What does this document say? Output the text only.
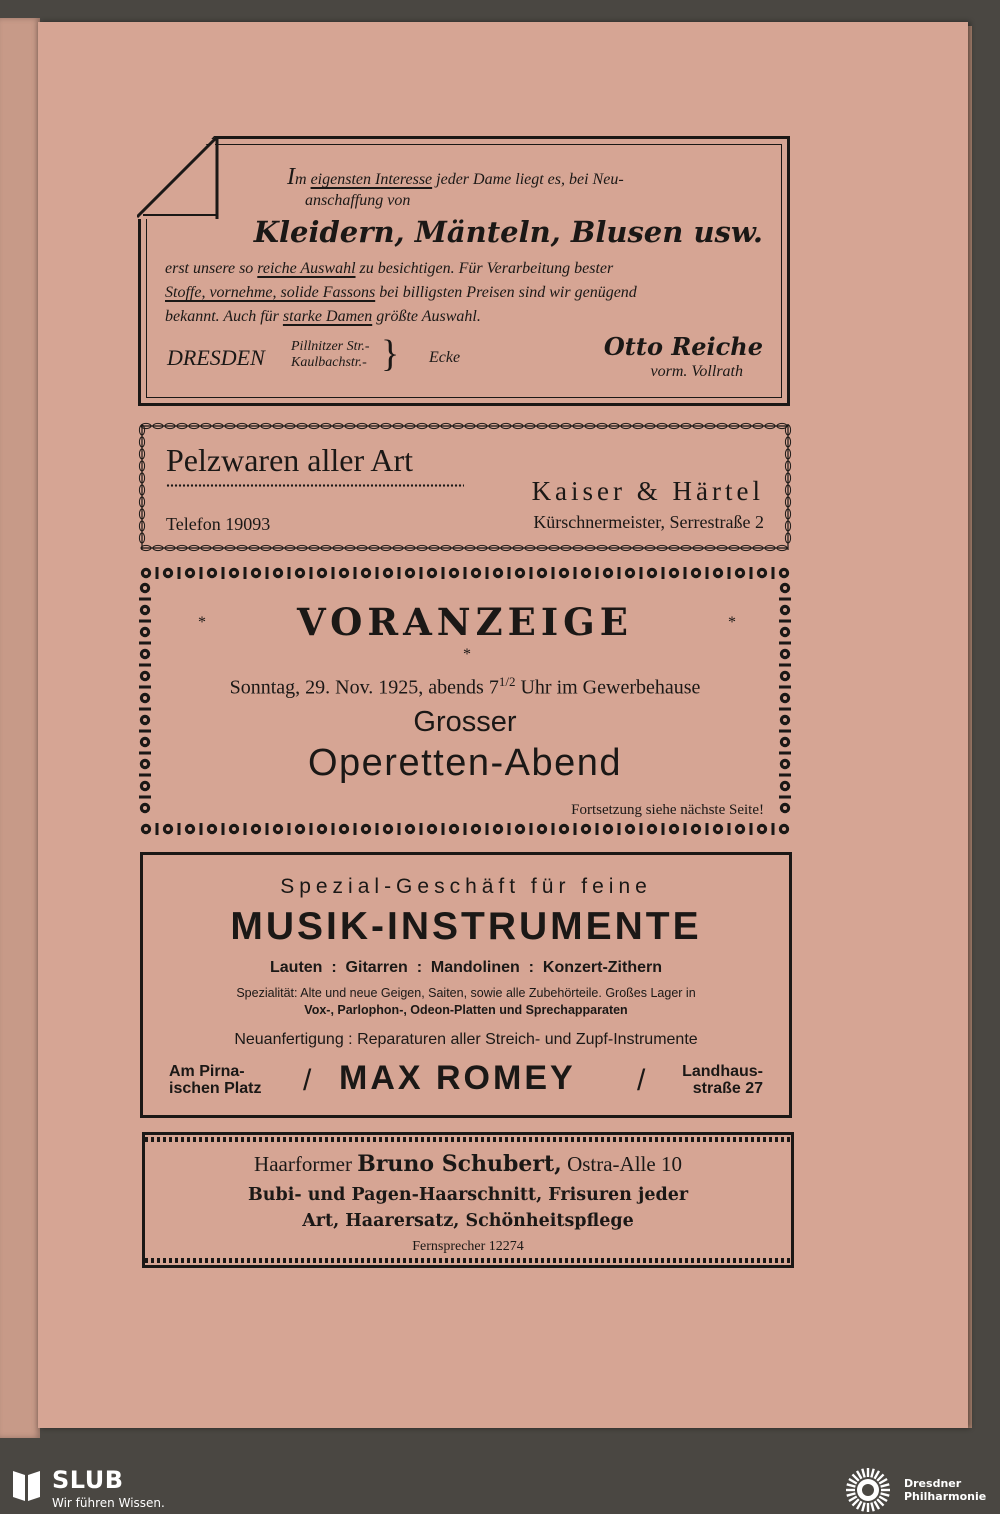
Im eigensten Interesse jeder Dame liegt es, bei Neu-
anschaffung von
Kleidern, Mänteln, Blusen usw.
erst unsere so reiche Auswahl zu besichtigen. Für Verarbeitung bester
Stoffe, vornehme, solide Fassons bei billigsten Preisen sind wir genügend
bekannt. Auch für starke Damen größte Auswahl.
DRESDEN Pillnitzer Str.-
Kaulbachstr.- } Ecke	Otto Reiche
vorm. Vollrath
Pelzwaren aller Art
Telefon 19093
Kaiser & Härtel
Kürschnermeister, Serrestraße 2
*	*
*
VORANZEIGE
Sonntag, 29. Nov. 1925, abends $7^{1/2}$ Uhr im Gewerbehause
Grosser
Operetten-Abend
Fortsetzung siehe nächste Seite!
Spezial-Geschäft für feine
MUSIK-INSTRUMENTE
Lauten  :  Gitarren  :  Mandolinen  :  Konzert-Zithern
Spezialität: Alte und neue Geigen, Saiten, sowie alle Zubehörteile. Großes Lager in
Vox-, Parlophon-, Odeon-Platten und Sprechapparaten
Neuanfertigung : Reparaturen aller Streich- und Zupf-Instrumente
Am Pirna-
ischen Platz / MAX ROMEY / Landhaus-
straße 27
Haarformer Bruno Schubert, Ostra-Alle 10
Bubi- und Pagen-Haarschnitt, Frisuren jeder
Art, Haarersatz, Schönheitspflege
Fernsprecher 12274
SLUB
Wir führen Wissen.
Dresdner
Philharmonie
